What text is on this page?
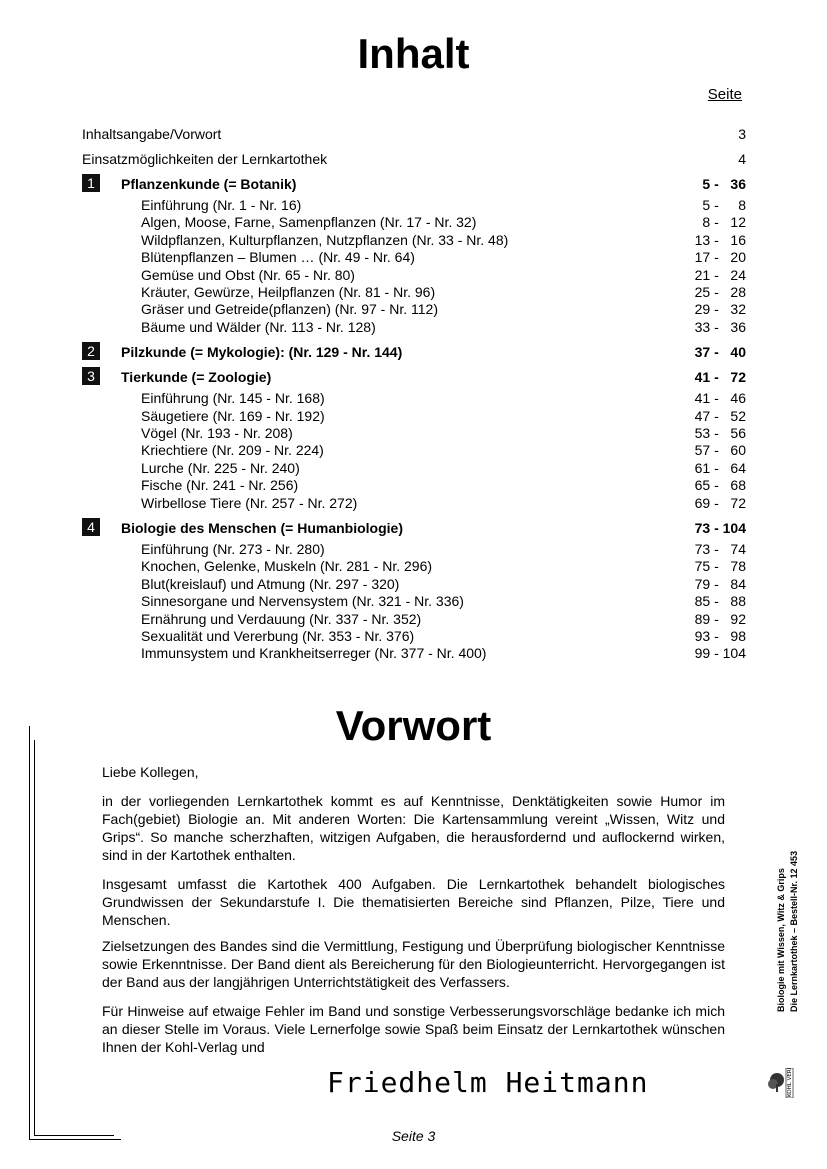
Inhalt
Seite
Inhaltsangabe/Vorwort	3
Einsatzmöglichkeiten der Lernkartothek	4
1	Pflanzenkunde (= Botanik)	5 -   36
Einführung (Nr. 1 - Nr. 16)	5 -     8
Algen, Moose, Farne, Samenpflanzen (Nr. 17 - Nr. 32)	8 -   12
Wildpflanzen, Kulturpflanzen, Nutzpflanzen (Nr. 33 - Nr. 48)	13 -   16
Blütenpflanzen – Blumen … (Nr. 49 - Nr. 64)	17 -   20
Gemüse und Obst (Nr. 65 - Nr. 80)	21 -   24
Kräuter, Gewürze, Heilpflanzen (Nr. 81 - Nr. 96)	25 -   28
Gräser und Getreide(pflanzen) (Nr. 97 - Nr. 112)	29 -   32
Bäume und Wälder (Nr. 113 - Nr. 128)	33 -   36
2	Pilzkunde (= Mykologie): (Nr. 129 - Nr. 144)	37 -   40
3	Tierkunde (= Zoologie)	41 -   72
Einführung (Nr. 145 - Nr. 168)	41 -   46
Säugetiere (Nr. 169 - Nr. 192)	47 -   52
Vögel (Nr. 193 - Nr. 208)	53 -   56
Kriechtiere (Nr. 209 - Nr. 224)	57 -   60
Lurche (Nr. 225 - Nr. 240)	61 -   64
Fische (Nr. 241 - Nr. 256)	65 -   68
Wirbellose Tiere (Nr. 257 - Nr. 272)	69 -   72
4	Biologie des Menschen (= Humanbiologie)	73 - 104
Einführung (Nr. 273 - Nr. 280)	73 -   74
Knochen, Gelenke, Muskeln (Nr. 281 - Nr. 296)	75 -   78
Blut(kreislauf) und Atmung (Nr. 297 - 320)	79 -   84
Sinnesorgane und Nervensystem (Nr. 321 - Nr. 336)	85 -   88
Ernährung und Verdauung (Nr. 337 - Nr. 352)	89 -   92
Sexualität und Vererbung (Nr. 353 - Nr. 376)	93 -   98
Immunsystem und Krankheitserreger (Nr. 377 - Nr. 400)	99 - 104
Vorwort
Liebe Kollegen,
in der vorliegenden Lernkartothek kommt es auf Kenntnisse, Denktätigkeiten sowie Humor im Fach(gebiet) Biologie an. Mit anderen Worten: Die Kartensammlung vereint „Wissen, Witz und Grips“. So manche scherzhaften, witzigen Aufgaben, die herausfordernd und auflockernd wirken, sind in der Kartothek enthalten.
Insgesamt umfasst die Kartothek 400 Aufgaben. Die Lernkartothek behandelt biologisches Grundwissen der Sekundarstufe I. Die thematisierten Bereiche sind Pflanzen, Pilze, Tiere und Menschen.
Zielsetzungen des Bandes sind die Vermittlung, Festigung und Überprüfung biologischer Kenntnisse sowie Erkenntnisse. Der Band dient als Bereicherung für den Biologieunterricht. Hervorgegangen ist der Band aus der langjährigen Unterrichtstätigkeit des Verfassers.
Für Hinweise auf etwaige Fehler im Band und sonstige Verbesserungsvorschläge bedanke ich mich an dieser Stelle im Voraus. Viele Lernerfolge sowie Spaß beim Einsatz der Lernkartothek wünschen Ihnen der Kohl-Verlag und
Friedhelm Heitmann
Seite 3
Biologie mit Wissen, Witz & Grips Die Lernkartothek – Bestell-Nr. 12 453
KOHL VERLAG
